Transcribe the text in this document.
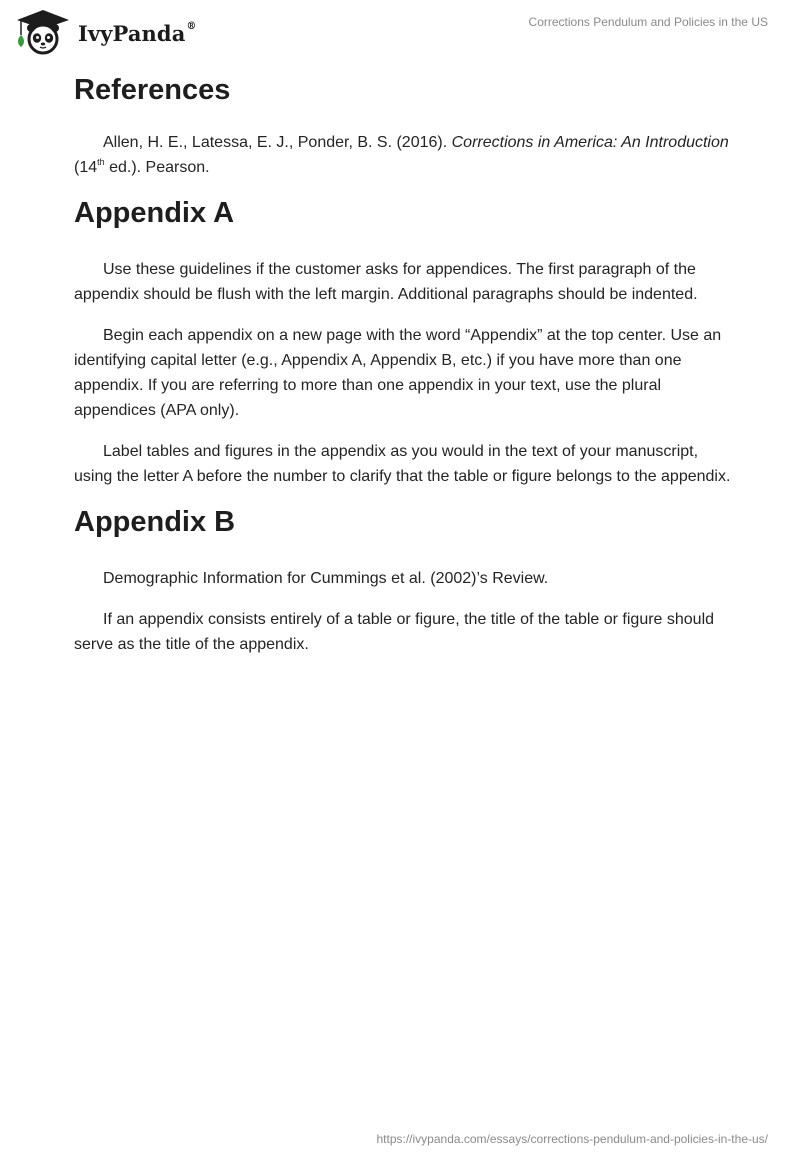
IvyPanda®	Corrections Pendulum and Policies in the US
References

Allen, H. E., Latessa, E. J., Ponder, B. S. (2016). Corrections in America: An Introduction (14th ed.). Pearson.

Appendix A

Use these guidelines if the customer asks for appendices. The first paragraph of the appendix should be flush with the left margin. Additional paragraphs should be indented.

Begin each appendix on a new page with the word “Appendix” at the top center. Use an identifying capital letter (e.g., Appendix A, Appendix B, etc.) if you have more than one appendix. If you are referring to more than one appendix in your text, use the plural appendices (APA only).

Label tables and figures in the appendix as you would in the text of your manuscript, using the letter A before the number to clarify that the table or figure belongs to the appendix.

Appendix B

Demographic Information for Cummings et al. (2002)’s Review.

If an appendix consists entirely of a table or figure, the title of the table or figure should serve as the title of the appendix.

https://ivypanda.com/essays/corrections-pendulum-and-policies-in-the-us/
